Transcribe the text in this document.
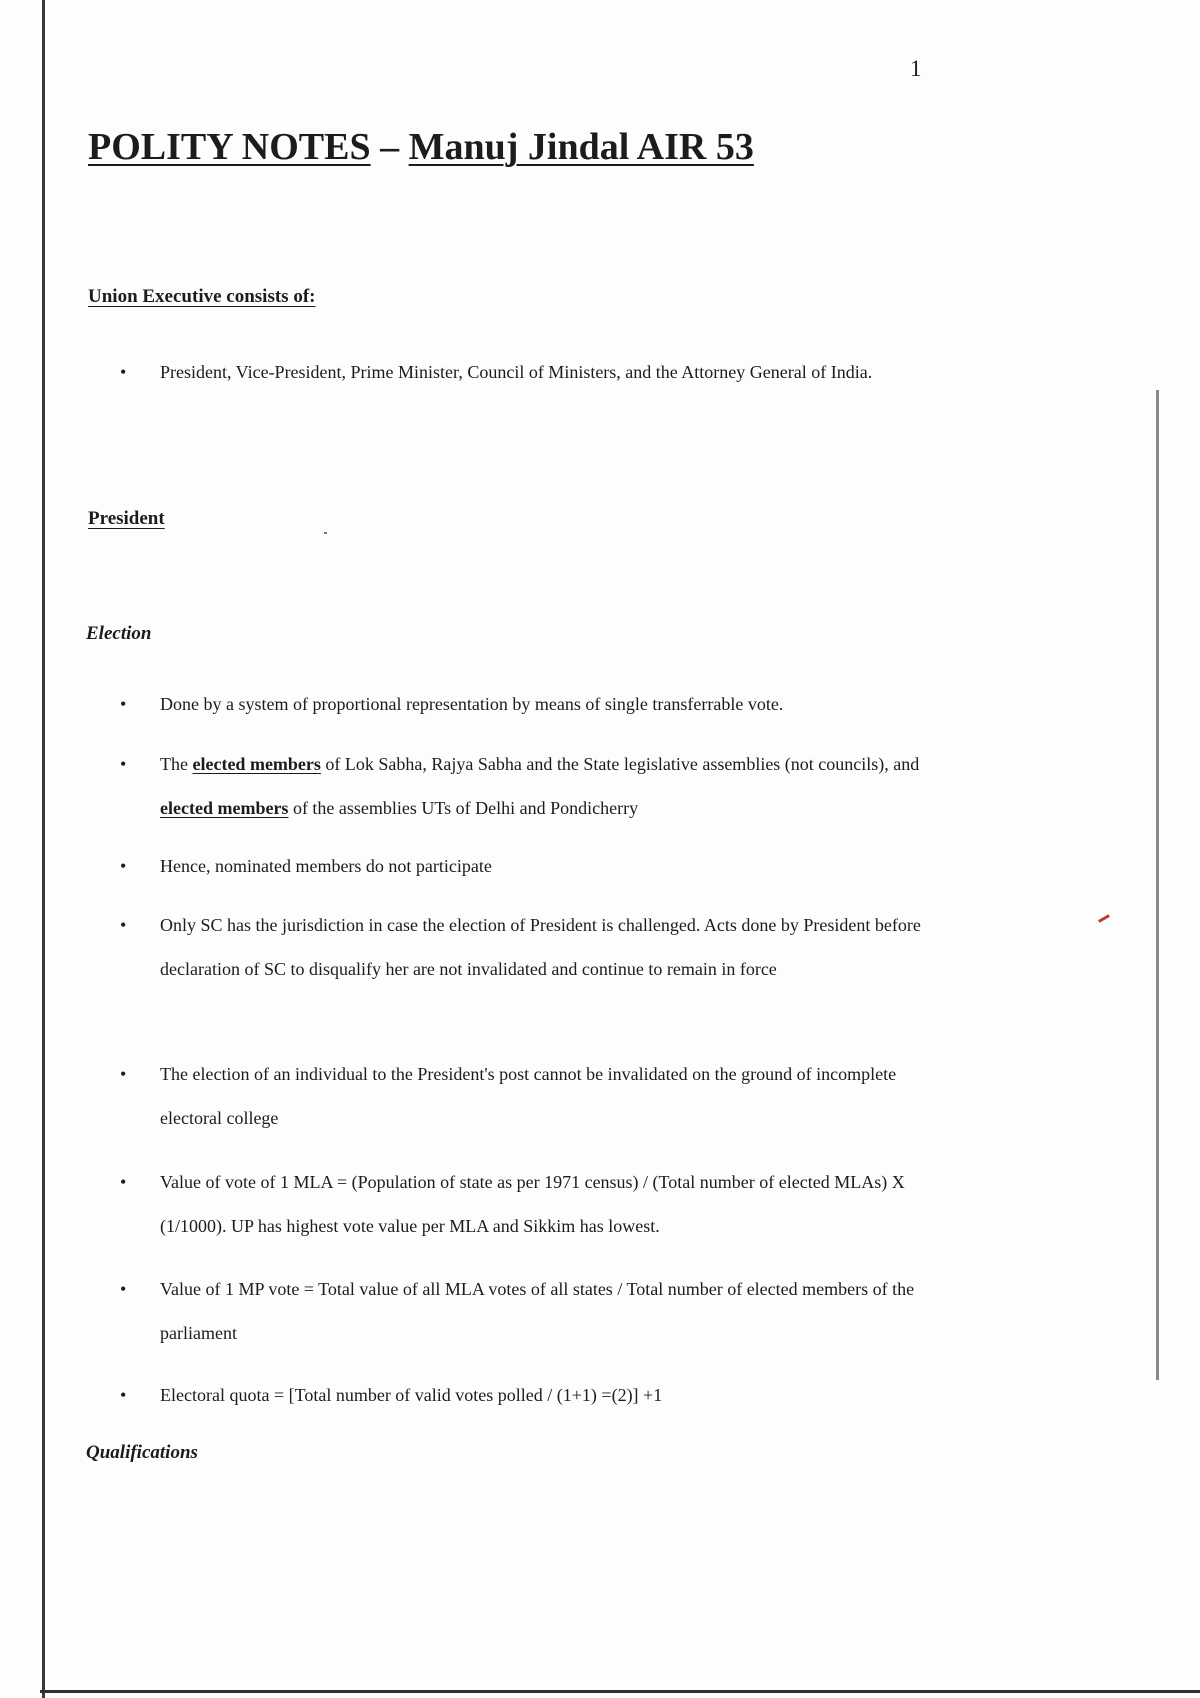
1
POLITY NOTES – Manuj Jindal AIR 53
Union Executive consists of:
• President, Vice-President, Prime Minister, Council of Ministers, and the Attorney General of India.
President
Election
• Done by a system of proportional representation by means of single transferrable vote.
• The elected members of Lok Sabha, Rajya Sabha and the State legislative assemblies (not councils), and elected members of the assemblies UTs of Delhi and Pondicherry
• Hence, nominated members do not participate
• Only SC has the jurisdiction in case the election of President is challenged. Acts done by President before declaration of SC to disqualify her are not invalidated and continue to remain in force
• The election of an individual to the President's post cannot be invalidated on the ground of incomplete electoral college
• Value of vote of 1 MLA = (Population of state as per 1971 census) / (Total number of elected MLAs) X (1/1000). UP has highest vote value per MLA and Sikkim has lowest.
• Value of 1 MP vote = Total value of all MLA votes of all states / Total number of elected members of the parliament
• Electoral quota = [Total number of valid votes polled / (1+1) =(2)] +1
Qualifications
